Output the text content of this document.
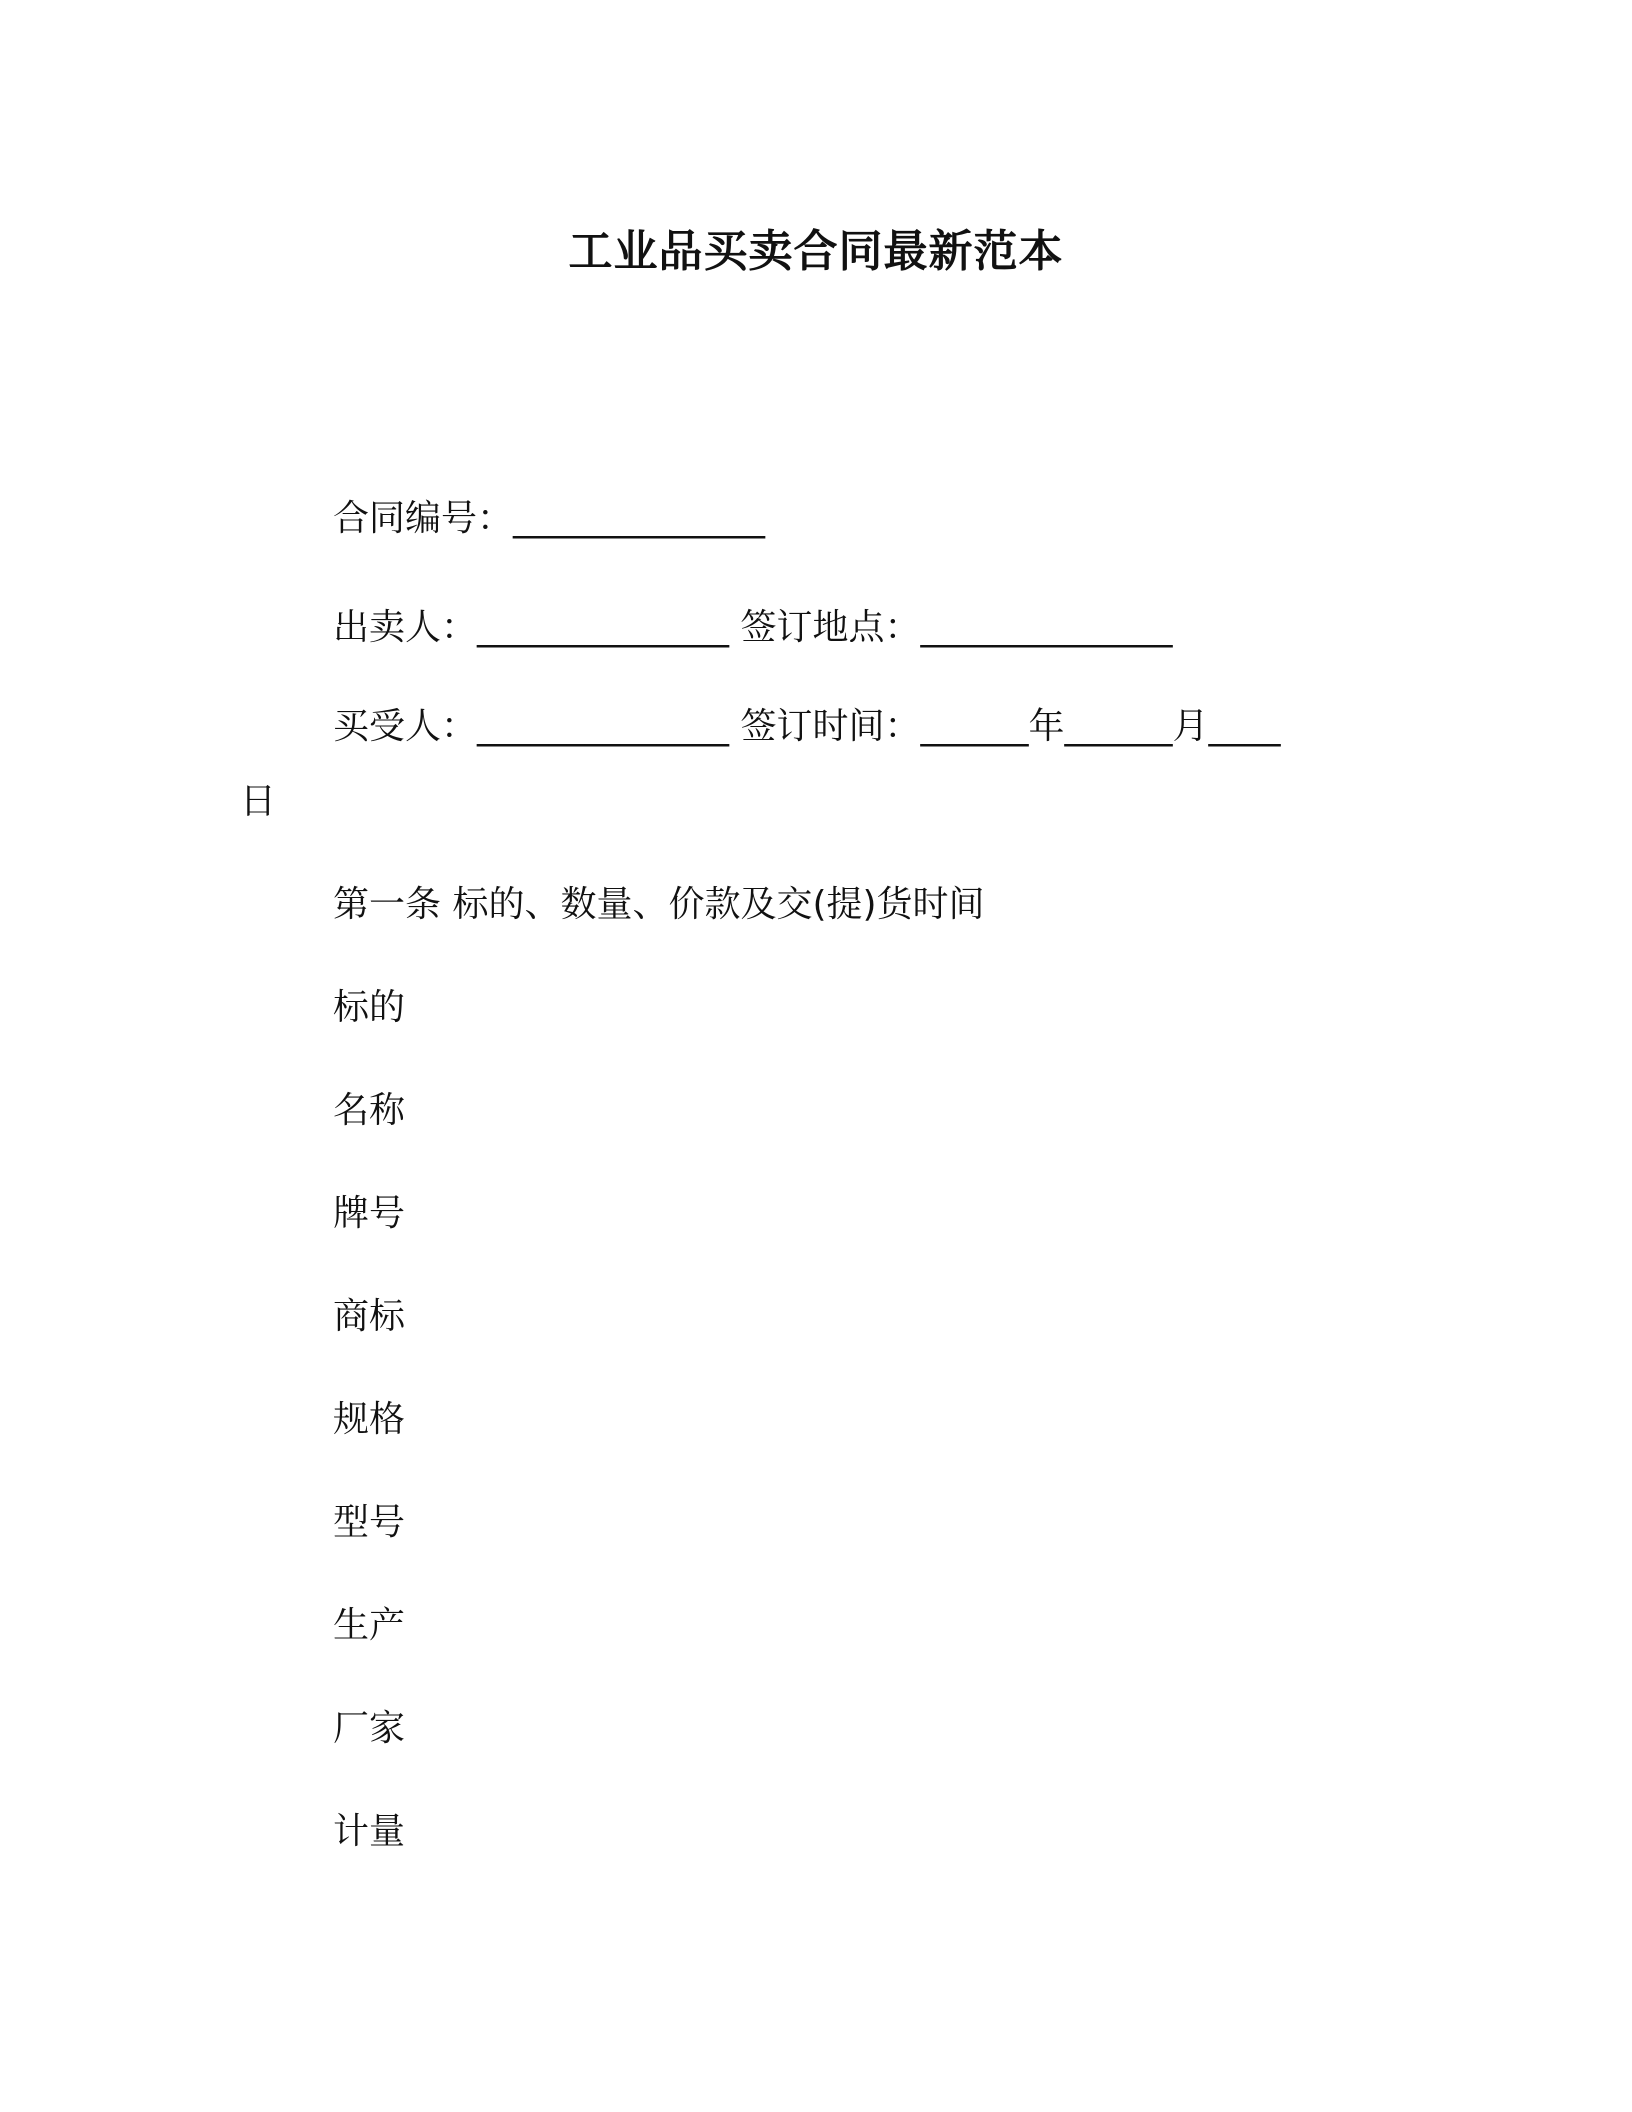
工业品买卖合同最新范本
合同编号：______________
出卖人：______________ 签订地点：______________
买受人：______________ 签订时间：______年______月____
日
第一条 标的、数量、价款及交(提)货时间
标的
名称
牌号
商标
规格
型号
生产
厂家
计量
